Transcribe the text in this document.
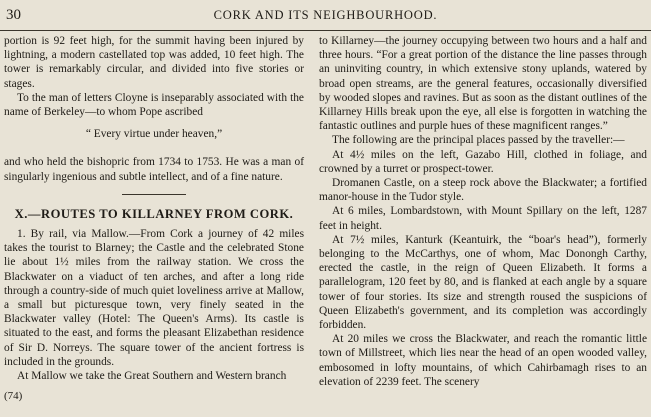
30	CORK AND ITS NEIGHBOURHOOD.

portion is 92 feet high, for the summit having been injured by lightning, a modern castellated top was added, 10 feet high. The tower is remarkably circular, and divided into five stories or stages.

To the man of letters Cloyne is inseparably associated with the name of Berkeley—to whom Pope ascribed

“ Every virtue under heaven,”

and who held the bishopric from 1734 to 1753. He was a man of singularly ingenious and subtle intellect, and of a fine nature.

X.—ROUTES TO KILLARNEY FROM CORK.

1. By rail, via Mallow.—From Cork a journey of 42 miles takes the tourist to Blarney; the Castle and the celebrated Stone lie about 1½ miles from the railway station. We cross the Blackwater on a viaduct of ten arches, and after a long ride through a country-side of much quiet loveliness arrive at Mallow, a small but picturesque town, very finely seated in the Blackwater valley (Hotel: The Queen's Arms). Its castle is situated to the east, and forms the pleasant Elizabethan residence of Sir D. Norreys. The square tower of the ancient fortress is included in the grounds.

At Mallow we take the Great Southern and Western branch

(74)

to Killarney—the journey occupying between two hours and a half and three hours. “For a great portion of the distance the line passes through an uninviting country, in which extensive stony uplands, watered by broad open streams, are the general features, occasionally diversified by wooded slopes and ravines. But as soon as the distant outlines of the Killarney Hills break upon the eye, all else is forgotten in watching the fantastic outlines and purple hues of these magnificent ranges.”

The following are the principal places passed by the traveller:—

At 4½ miles on the left, Gazabo Hill, clothed in foliage, and crowned by a turret or prospect-tower.

Dromanen Castle, on a steep rock above the Blackwater; a fortified manor-house in the Tudor style.

At 6 miles, Lombardstown, with Mount Spillary on the left, 1287 feet in height.

At 7½ miles, Kanturk (Keantuirk, the “boar's head”), formerly belonging to the McCarthys, one of whom, Mac Donongh Carthy, erected the castle, in the reign of Queen Elizabeth. It forms a parallelogram, 120 feet by 80, and is flanked at each angle by a square tower of four stories. Its size and strength roused the suspicions of Queen Elizabeth's government, and its completion was accordingly forbidden.

At 20 miles we cross the Blackwater, and reach the romantic little town of Millstreet, which lies near the head of an open wooded valley, embosomed in lofty mountains, of which Cahirbamagh rises to an elevation of 2239 feet. The scenery
